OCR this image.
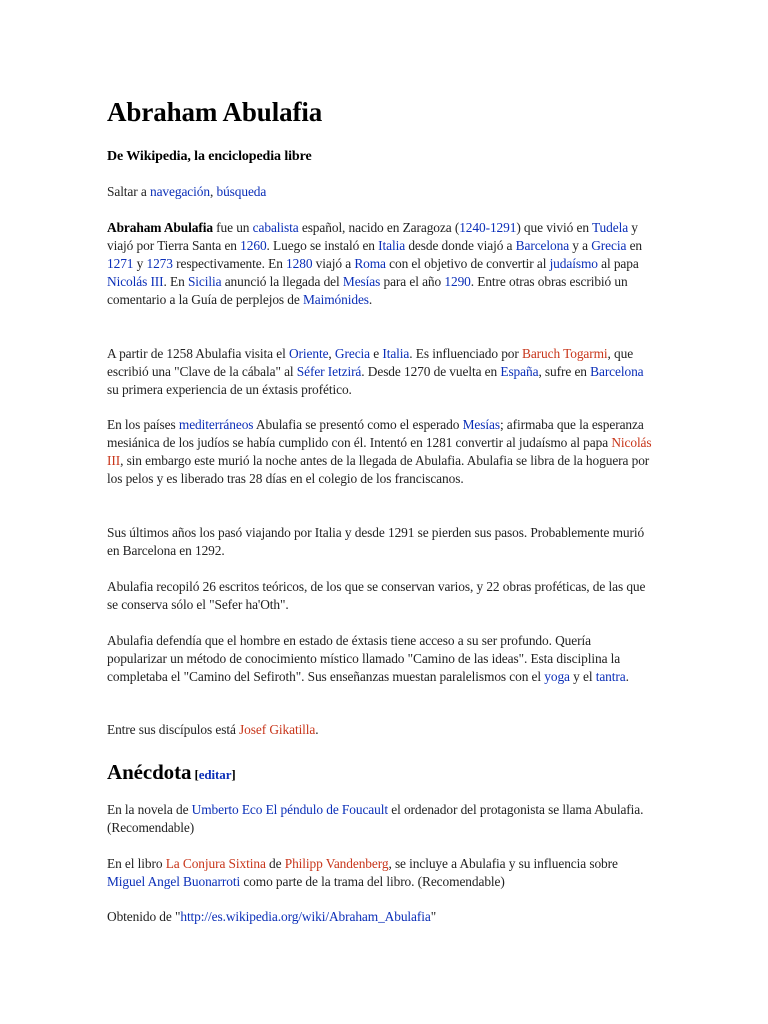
Abraham Abulafia
De Wikipedia, la enciclopedia libre
Saltar a navegación, búsqueda

Abraham Abulafia fue un cabalista español, nacido en Zaragoza (1240-1291) que vivió en Tudela y viajó por Tierra Santa en 1260. Luego se instaló en Italia desde donde viajó a Barcelona y a Grecia en 1271 y 1273 respectivamente. En 1280 viajó a Roma con el objetivo de convertir al judaísmo al papa Nicolás III. En Sicilia anunció la llegada del Mesías para el año 1290. Entre otras obras escribió un comentario a la Guía de perplejos de Maimónides.

A partir de 1258 Abulafia visita el Oriente, Grecia e Italia. Es influenciado por Baruch Togarmi, que escribió una "Clave de la cábala" al Séfer Ietzirá. Desde 1270 de vuelta en España, sufre en Barcelona su primera experiencia de un éxtasis profético.

En los países mediterráneos Abulafia se presentó como el esperado Mesías; afirmaba que la esperanza mesiánica de los judíos se había cumplido con él. Intentó en 1281 convertir al judaísmo al papa Nicolás III, sin embargo este murió la noche antes de la llegada de Abulafia. Abulafia se libra de la hoguera por los pelos y es liberado tras 28 días en el colegio de los franciscanos.

Sus últimos años los pasó viajando por Italia y desde 1291 se pierden sus pasos. Probablemente murió en Barcelona en 1292.

Abulafia recopiló 26 escritos teóricos, de los que se conservan varios, y 22 obras proféticas, de las que se conserva sólo el "Sefer ha'Oth".

Abulafia defendía que el hombre en estado de éxtasis tiene acceso a su ser profundo. Quería popularizar un método de conocimiento místico llamado "Camino de las ideas". Esta disciplina la completaba el "Camino del Sefiroth". Sus enseñanzas muestan paralelismos con el yoga y el tantra.

Entre sus discípulos está Josef Gikatilla.

Anécdota [editar]

En la novela de Umberto Eco El péndulo de Foucault el ordenador del protagonista se llama Abulafia. (Recomendable)

En el libro La Conjura Sixtina de Philipp Vandenberg, se incluye a Abulafia y su influencia sobre Miguel Angel Buonarroti como parte de la trama del libro. (Recomendable)

Obtenido de "http://es.wikipedia.org/wiki/Abraham_Abulafia"
